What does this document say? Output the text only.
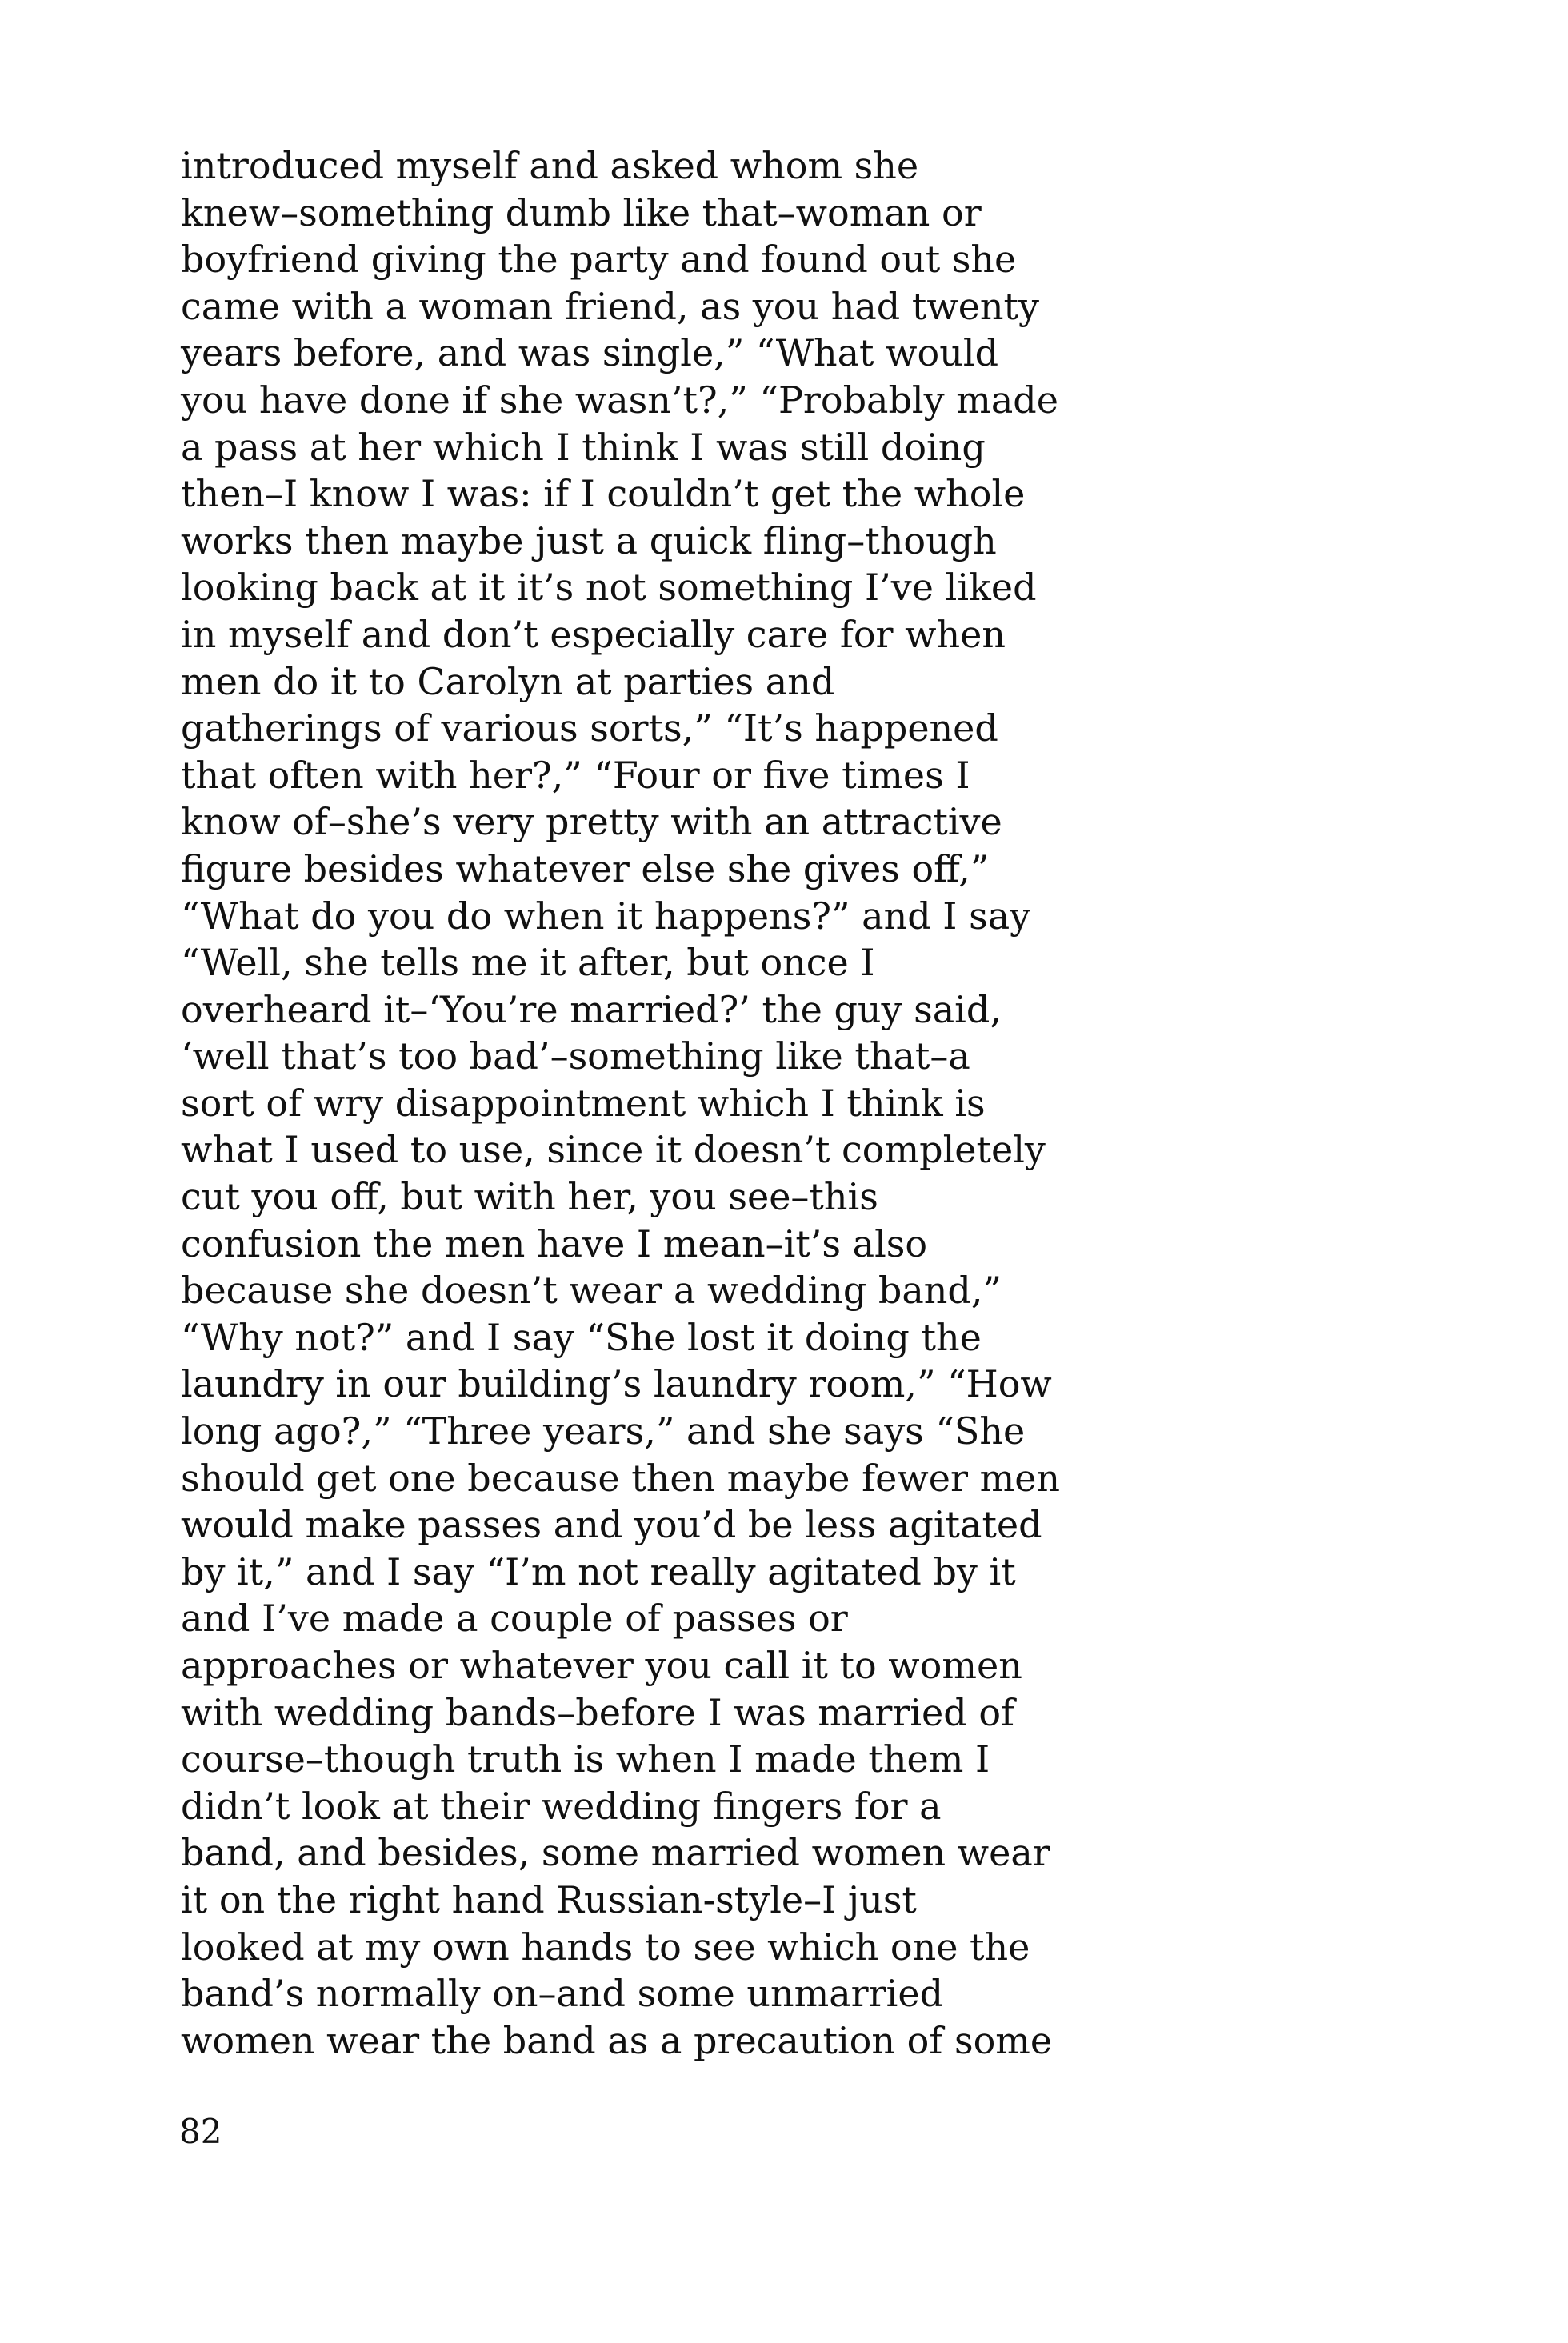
introduced myself and asked whom she
knew–something dumb like that–woman or
boyfriend giving the party and found out she
came with a woman friend, as you had twenty
years before, and was single,” “What would
you have done if she wasn’t?,” “Probably made
a pass at her which I think I was still doing
then–I know I was: if I couldn’t get the whole
works then maybe just a quick fling–though
looking back at it it’s not something I’ve liked
in myself and don’t especially care for when
men do it to Carolyn at parties and
gatherings of various sorts,” “It’s happened
that often with her?,” “Four or five times I
know of–she’s very pretty with an attractive
figure besides whatever else she gives off,”
“What do you do when it happens?” and I say
“Well, she tells me it after, but once I
overheard it–‘You’re married?’ the guy said,
‘well that’s too bad’–something like that–a
sort of wry disappointment which I think is
what I used to use, since it doesn’t completely
cut you off, but with her, you see–this
confusion the men have I mean–it’s also
because she doesn’t wear a wedding band,”
“Why not?” and I say “She lost it doing the
laundry in our building’s laundry room,” “How
long ago?,” “Three years,” and she says “She
should get one because then maybe fewer men
would make passes and you’d be less agitated
by it,” and I say “I’m not really agitated by it
and I’ve made a couple of passes or
approaches or whatever you call it to women
with wedding bands–before I was married of
course–though truth is when I made them I
didn’t look at their wedding fingers for a
band, and besides, some married women wear
it on the right hand Russian-style–I just
looked at my own hands to see which one the
band’s normally on–and some unmarried
women wear the band as a precaution of some
82
